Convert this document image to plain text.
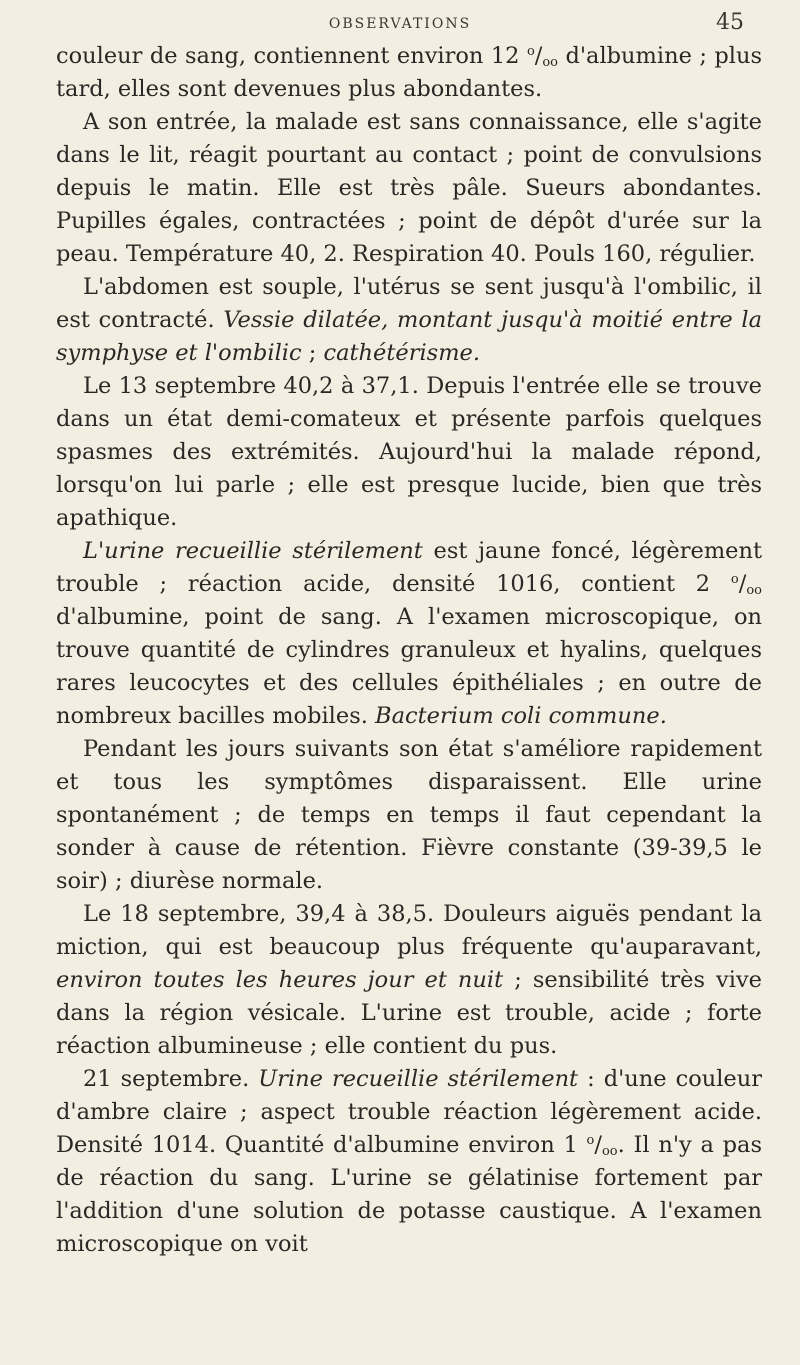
OBSERVATIONS	45

couleur de sang, contiennent environ 12 $^o/_{oo}$ d'albumine ; plus tard, elles sont devenues plus abondantes.

A son entrée, la malade est sans connaissance, elle s'agite dans le lit, réagit pourtant au contact ; point de convulsions depuis le matin. Elle est très pâle. Sueurs abondantes. Pupilles égales, contractées ; point de dépôt d'urée sur la peau. Température 40, 2. Respiration 40. Pouls 160, régulier.

L'abdomen est souple, l'utérus se sent jusqu'à l'ombilic, il est contracté. Vessie dilatée, montant jusqu'à moitié entre la symphyse et l'ombilic ; cathétérisme.

Le 13 septembre 40,2 à 37,1. Depuis l'entrée elle se trouve dans un état demi-comateux et présente parfois quelques spasmes des extrémités. Aujourd'hui la malade répond, lorsqu'on lui parle ; elle est presque lucide, bien que très apathique.

L'urine recueillie stérilement est jaune foncé, légèrement trouble ; réaction acide, densité 1016, contient 2 $^o/_{oo}$ d'albumine, point de sang. A l'examen microscopique, on trouve quantité de cylindres granuleux et hyalins, quelques rares leucocytes et des cellules épithéliales ; en outre de nombreux bacilles mobiles. Bacterium coli commune.

Pendant les jours suivants son état s'améliore rapidement et tous les symptômes disparaissent. Elle urine spontanément ; de temps en temps il faut cependant la sonder à cause de rétention. Fièvre constante (39-39,5 le soir) ; diurèse normale.

Le 18 septembre, 39,4 à 38,5. Douleurs aiguës pendant la miction, qui est beaucoup plus fréquente qu'auparavant, environ toutes les heures jour et nuit ; sensibilité très vive dans la région vésicale. L'urine est trouble, acide ; forte réaction albumineuse ; elle contient du pus.

21 septembre. Urine recueillie stérilement : d'une couleur d'ambre claire ; aspect trouble réaction légèrement acide. Densité 1014. Quantité d'albumine environ 1 $^o/_{oo}$. Il n'y a pas de réaction du sang. L'urine se gélatinise fortement par l'addition d'une solution de potasse caustique. A l'examen microscopique on voit
